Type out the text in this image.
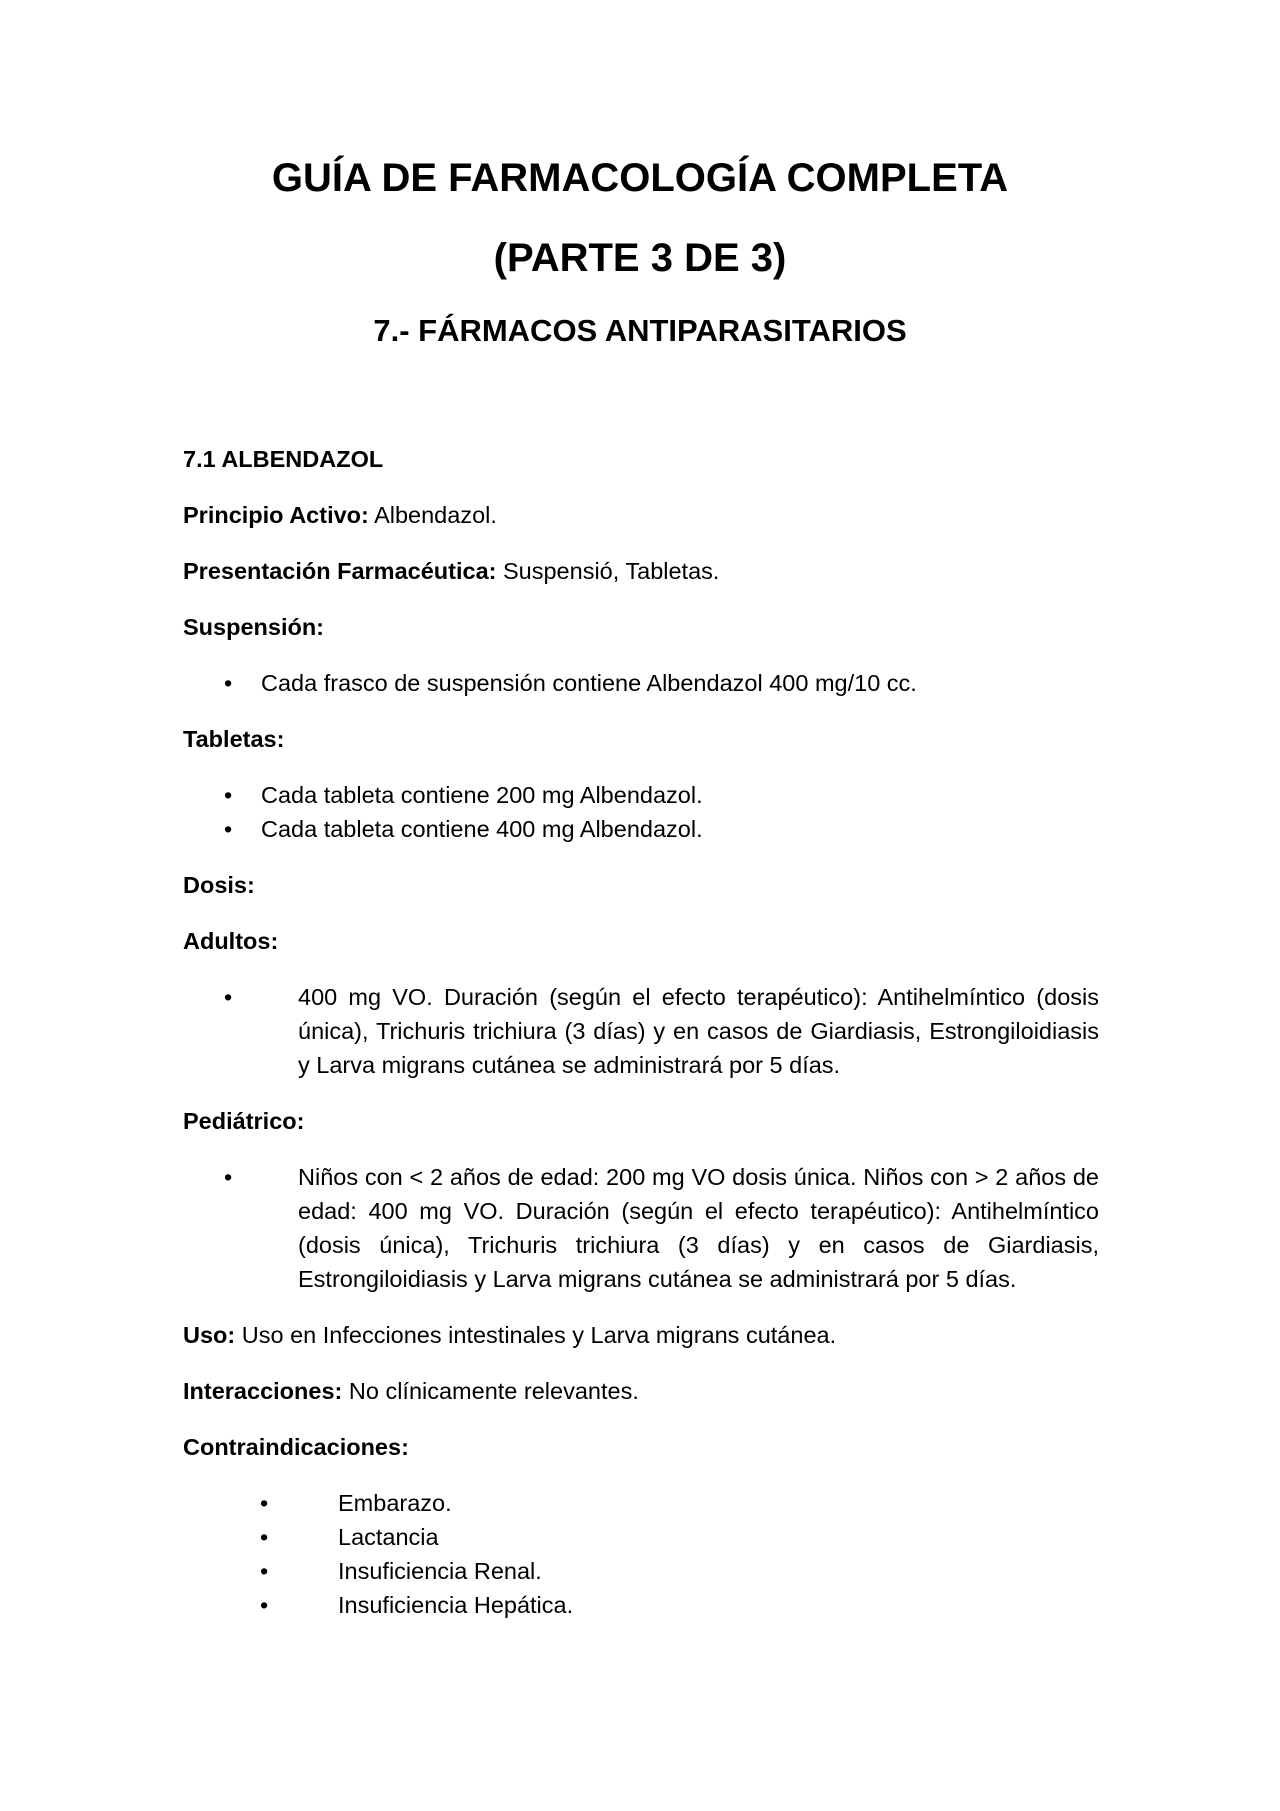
GUÍA DE FARMACOLOGÍA COMPLETA
(PARTE 3 DE 3)
7.- FÁRMACOS ANTIPARASITARIOS

7.1 ALBENDAZOL

Principio Activo: Albendazol.

Presentación Farmacéutica: Suspensió, Tabletas.

Suspensión:

• Cada frasco de suspensión contiene Albendazol 400 mg/10 cc.

Tabletas:

• Cada tableta contiene 200 mg Albendazol.
• Cada tableta contiene 400 mg Albendazol.

Dosis:

Adultos:

•	400 mg VO. Duración (según el efecto terapéutico): Antihelmíntico (dosis única), Trichuris trichiura (3 días) y en casos de Giardiasis, Estrongiloidiasis y Larva migrans cutánea se administrará por 5 días.

Pediátrico:

•	Niños con < 2 años de edad: 200 mg VO dosis única. Niños con > 2 años de edad: 400 mg VO. Duración (según el efecto terapéutico): Antihelmíntico (dosis única), Trichuris trichiura (3 días) y en casos de Giardiasis, Estrongiloidiasis y Larva migrans cutánea se administrará por 5 días.

Uso: Uso en Infecciones intestinales y Larva migrans cutánea.

Interacciones: No clínicamente relevantes.

Contraindicaciones:

•	Embarazo.
•	Lactancia
•	Insuficiencia Renal.
•	Insuficiencia Hepática.
